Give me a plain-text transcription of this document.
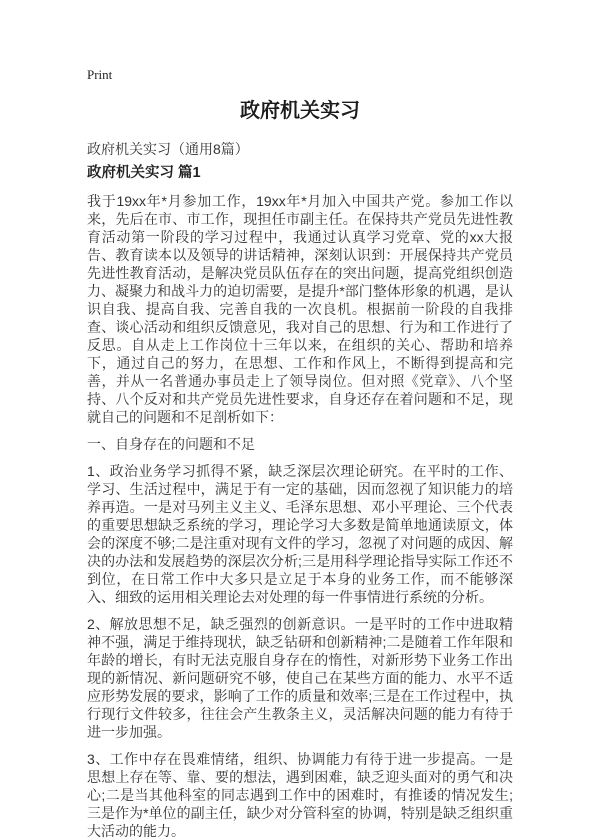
Print
政府机关实习
政府机关实习（通用8篇）
政府机关实习 篇1

我于19xx年*月参加工作，19xx年*月加入中国共产党。参加工作以来，先后在市、市工作，现担任市副主任。在保持共产党员先进性教育活动第一阶段的学习过程中，我通过认真学习党章、党的xx大报告、教育读本以及领导的讲话精神，深刻认识到：开展保持共产党员先进性教育活动，是解决党员队伍存在的突出问题，提高党组织创造力、凝聚力和战斗力的迫切需要，是提升*部门整体形象的机遇，是认识自我、提高自我、完善自我的一次良机。根据前一阶段的自我排查、谈心活动和组织反馈意见，我对自己的思想、行为和工作进行了反思。自从走上工作岗位十三年以来，在组织的关心、帮助和培养下，通过自己的努力，在思想、工作和作风上，不断得到提高和完善，并从一名普通办事员走上了领导岗位。但对照《党章》、八个坚持、八个反对和共产党员先进性要求，自身还存在着问题和不足，现就自己的问题和不足剖析如下：

一、自身存在的问题和不足

1、政治业务学习抓得不紧，缺乏深层次理论研究。在平时的工作、学习、生活过程中，满足于有一定的基础，因而忽视了知识能力的培养再造。一是对马列主义主义、毛泽东思想、邓小平理论、三个代表的重要思想缺乏系统的学习，理论学习大多数是简单地通读原文，体会的深度不够;二是注重对现有文件的学习，忽视了对问题的成因、解决的办法和发展趋势的深层次分析;三是用科学理论指导实际工作还不到位，在日常工作中大多只是立足于本身的业务工作，而不能够深入、细致的运用相关理论去对处理的每一件事情进行系统的分析。

2、解放思想不足，缺乏强烈的创新意识。一是平时的工作中进取精神不强，满足于维持现状，缺乏钻研和创新精神;二是随着工作年限和年龄的增长，有时无法克服自身存在的惰性，对新形势下业务工作出现的新情况、新问题研究不够，使自己在某些方面的能力、水平不适应形势发展的要求，影响了工作的质量和效率;三是在工作过程中，执行现行文件较多，往往会产生教条主义，灵活解决问题的能力有待于进一步加强。

3、工作中存在畏难情绪，组织、协调能力有待于进一步提高。一是思想上存在等、靠、要的想法，遇到困难，缺乏迎头面对的勇气和决心;二是当其他科室的同志遇到工作中的困难时，有推诿的情况发生;三是作为*单位的副主任，缺少对分管科室的协调，特别是缺乏组织重大活动的能力。
